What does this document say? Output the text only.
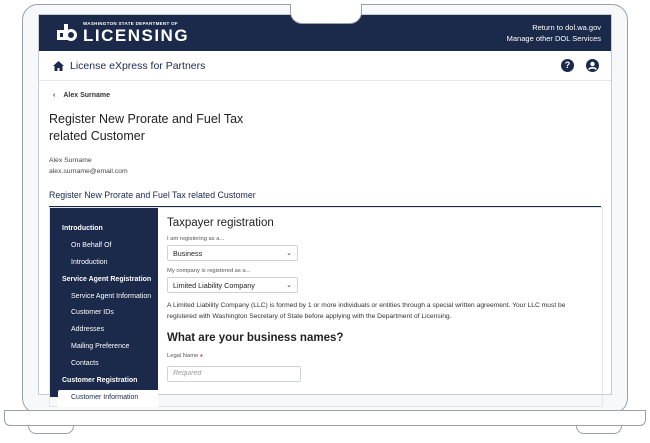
WASHINGTON STATE DEPARTMENT OF
LICENSING	Return to dol.wa.gov
Manage other DOL Services
License eXpress for Partners	?
‹ Alex Surname
Register New Prorate and Fuel Tax related Customer
Alex Surname
alex.surname@email.com
Register New Prorate and Fuel Tax related Customer
Introduction
On Behalf Of
Introduction
Service Agent Registration
Service Agent Information
Customer IDs
Addresses
Mailing Preference
Contacts
Customer Registration
Customer Information
Taxpayer registration
I am registering as a...
Business	⌄
My company is registered as a...
Limited Liability Company	⌄
A Limited Liability Company (LLC) is formed by 1 or more individuals or entities through a special written agreement. Your LLC must be registered with Washington Secretary of State before applying with the Department of Licensing.
What are your business names?
Legal Name *
Required
